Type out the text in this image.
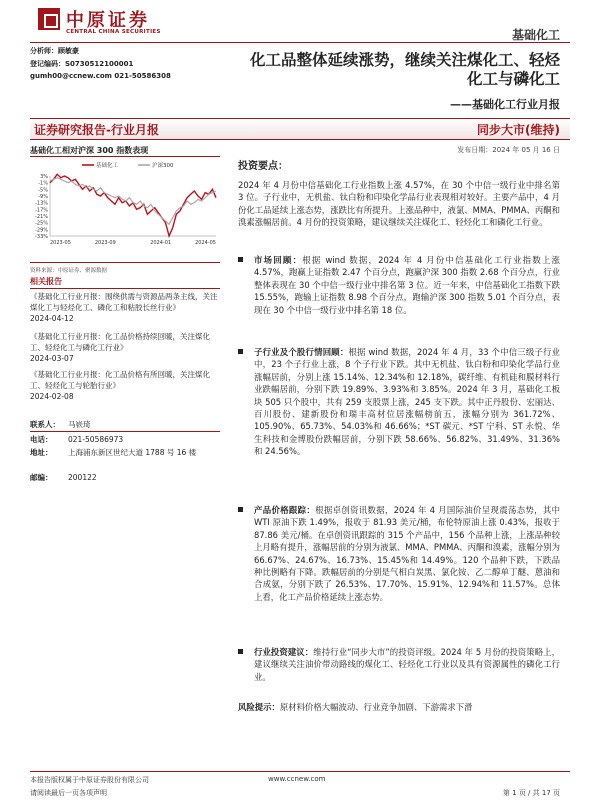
中原证券
CENTRAL CHINA SECURITIES	基础化工
分析师：顾敏豪
登记编码：S0730512100001
gumh00@ccnew.com 021-50586308
化工品整体延续涨势，继续关注煤化工、轻烃化工与磷化工
——基础化工行业月报
证券研究报告-行业月报	同步大市(维持)
基础化工相对沪深 300 指数表现	发布日期：2024 年 05 月 16 日
3%
-1%
-5%
-9%
-13%
-17%
-21%
-25%
-29%
-33%
2023-05	2023-09	2024-01	2024-05
基础化工	沪深300
资料来源：中原证券、聚源数据
相关报告
《基础化工行业月报：围绕供需与资源品两条主线，关注煤化工与轻烃化工、磷化工和粘胶长丝行业》
2024-04-12
《基础化工行业月报：化工品价格持续回暖，关注煤化工、轻烃化工与磷化工行业》
2024-03-07
《基础化工行业月报：化工品价格有所回暖，关注煤化工、轻烃化工与轮胎行业》
2024-02-08
联系人： 马嵚琦
电话： 021-50586973
地址： 上海浦东新区世纪大道 1788 号 16 楼
邮编： 200122
投资要点：
2024 年 4 月份中信基础化工行业指数上涨 4.57%，在 30 个中信一级行业中排名第 3 位。子行业中，无机盐、钛白粉和印染化学品行业表现相对较好。主要产品中，4 月份化工品延续上涨态势，涨跌比有所提升。上涨品种中，液氯、MMA、PMMA、丙酮和溴素涨幅居前。4 月份的投资策略，建议继续关注煤化工、轻烃化工和磷化工行业。
市场回顾：根据 wind 数据，2024 年 4 月份中信基础化工行业指数上涨 4.57%，跑赢上证指数 2.47 个百分点，跑赢沪深 300 指数 2.68 个百分点，行业整体表现在 30 个中信一级行业中排名第 3 位。近一年来，中信基础化工指数下跌 15.55%，跑输上证指数 8.98 个百分点，跑输沪深 300 指数 5.01 个百分点，表现在 30 个中信一级行业中排名第 18 位。
子行业及个股行情回顾：根据 wind 数据，2024 年 4 月，33 个中信三级子行业中，23 个子行业上涨，8 个子行业下跌。其中无机盐、钛白粉和印染化学品行业涨幅居前，分别上涨 15.14%、12.34%和 12.18%，碳纤维、有机硅和膜材料行业跌幅居前，分别下跌 19.89%、3.93%和 3.85%。2024 年 3 月，基础化工板块 505 只个股中，共有 259 支股票上涨，245 支下跌。其中正丹股份、宏丽达、百川股份、建新股份和瑞丰高材位居涨幅榜前五，涨幅分别为 361.72%、105.90%、65.73%、54.03%和 46.66%；*ST 碳元、*ST 宁科、ST 永悦、华生科技和金博股份跌幅居前，分别下跌 58.66%、56.82%、31.49%、31.36%和 24.56%。
产品价格跟踪：根据卓创资讯数据，2024 年 4 月国际油价呈现震荡态势，其中 WTI 原油下跌 1.49%，报收于 81.93 美元/桶，布伦特原油上涨 0.43%，报收于 87.86 美元/桶。在卓创资讯跟踪的 315 个产品中，156 个品种上涨，上涨品种较上月略有提升，涨幅居前的分别为液氯、MMA、PMMA、丙酮和溴素，涨幅分别为 66.67%、24.67%、16.73%、15.45%和 14.49%。120 个品种下跌，下跌品种比例略有下降。跌幅居前的分别是气相白炭黑、氯化铵、乙二醇单丁醚、蒽油和合成氨，分别下跌了 26.53%、17.70%、15.91%、12.94%和 11.57%。总体上看，化工产品价格延续上涨态势。
行业投资建议：维持行业“同步大市”的投资评级。2024 年 5 月份的投资策略上，建议继续关注油价带动路线的煤化工、轻烃化工行业以及具有资源属性的磷化工行业。
风险提示：原材料价格大幅波动、行业竞争加剧、下游需求下滑
本报告版权属于中原证券股份有限公司
请阅读最后一页各项声明
www.ccnew.com
第 1 页 / 共 17 页
